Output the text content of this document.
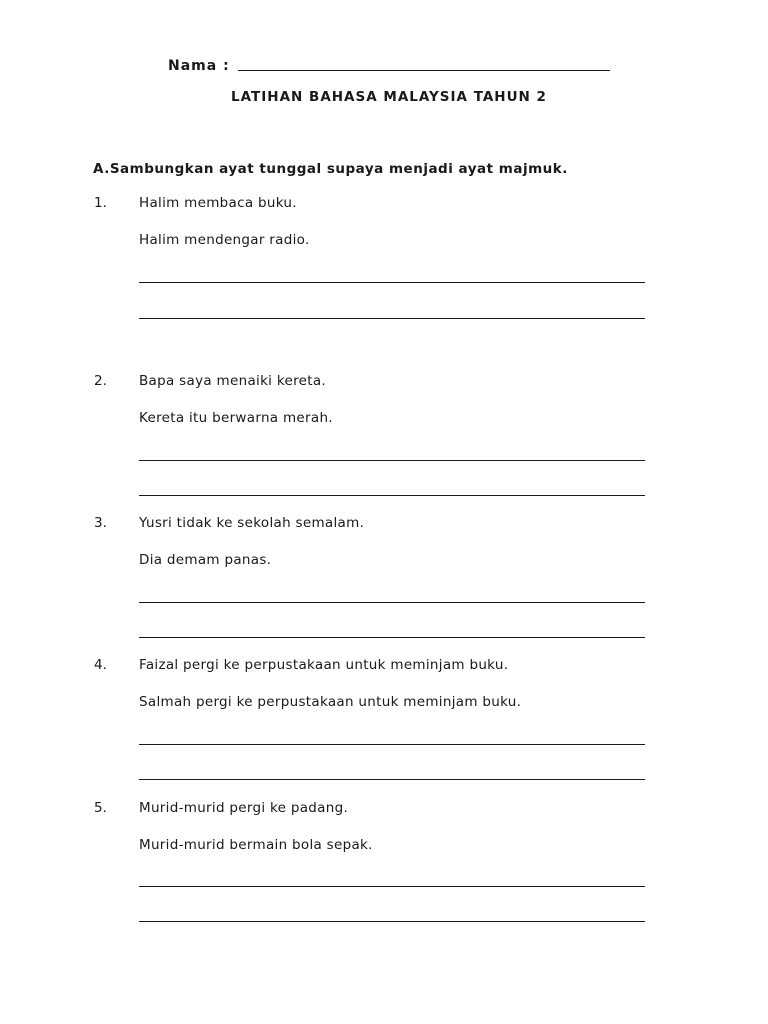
Nama :
LATIHAN BAHASA MALAYSIA TAHUN 2
A.Sambungkan ayat tunggal supaya menjadi ayat majmuk.
1. Halim membaca buku.
Halim mendengar radio.
2. Bapa saya menaiki kereta.
Kereta itu berwarna merah.
3. Yusri tidak ke sekolah semalam.
Dia demam panas.
4. Faizal pergi ke perpustakaan untuk meminjam buku.
Salmah pergi ke perpustakaan untuk meminjam buku.
5. Murid-murid pergi ke padang.
Murid-murid bermain bola sepak.
